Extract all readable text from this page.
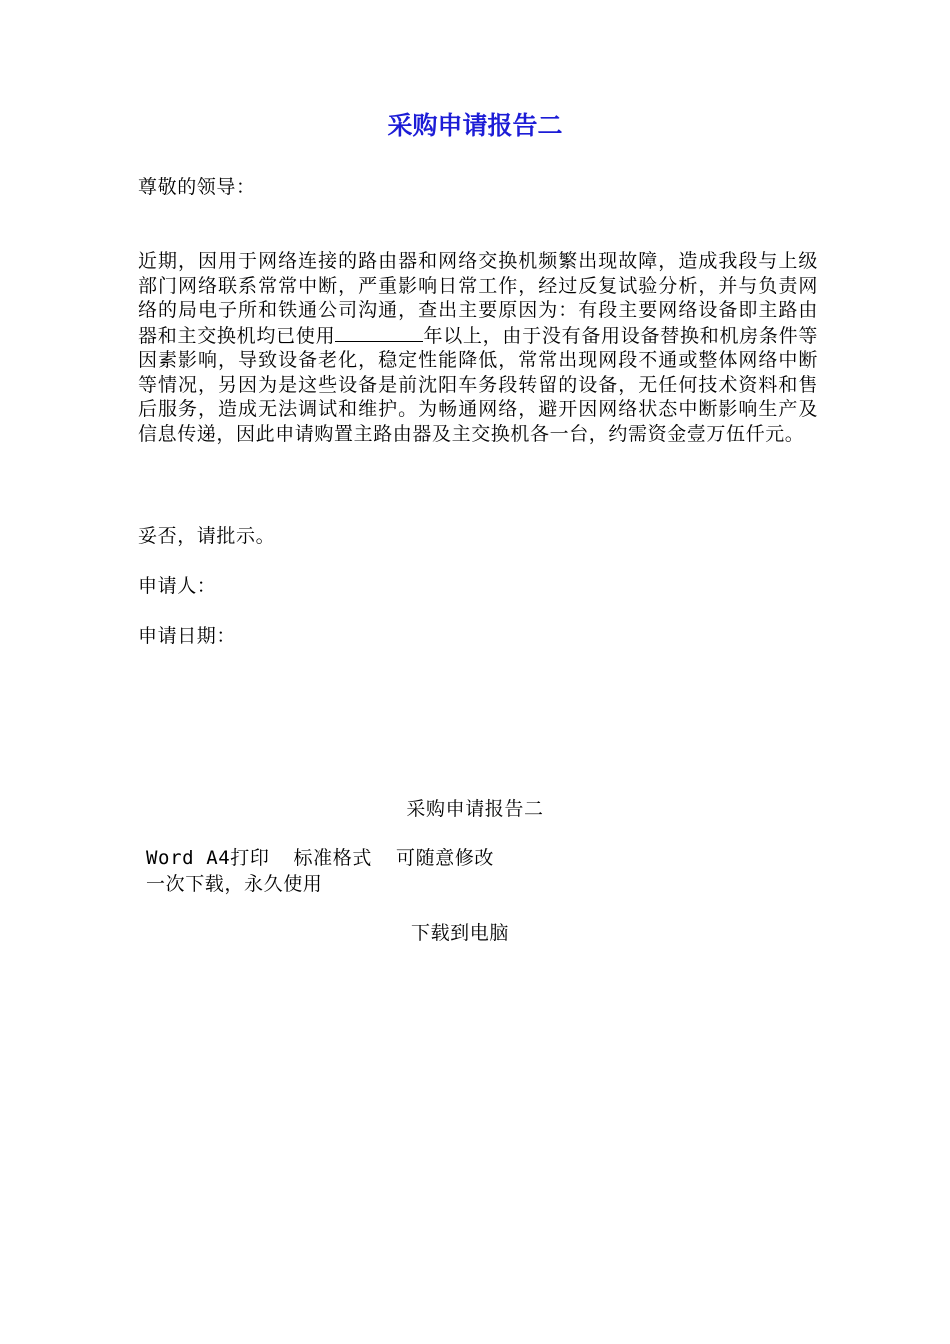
采购申请报告二
尊敬的领导：
近期，因用于网络连接的路由器和网络交换机频繁出现故障，造成我段与上级部门网络联系常常中断，严重影响日常工作，经过反复试验分析，并与负责网络的局电子所和铁通公司沟通，查出主要原因为：有段主要网络设备即主路由器和主交换机均已使用	年以上，由于没有备用设备替换和机房条件等因素影响，导致设备老化，稳定性能降低，常常出现网段不通或整体网络中断等情况，另因为是这些设备是前沈阳车务段转留的设备，无任何技术资料和售后服务，造成无法调试和维护。为畅通网络，避开因网络状态中断影响生产及信息传递，因此申请购置主路由器及主交换机各一台，约需资金壹万伍仟元。
妥否，请批示。
申请人：
申请日期：
采购申请报告二
Word A4打印  标准格式  可随意修改
一次下载，永久使用
下载到电脑
